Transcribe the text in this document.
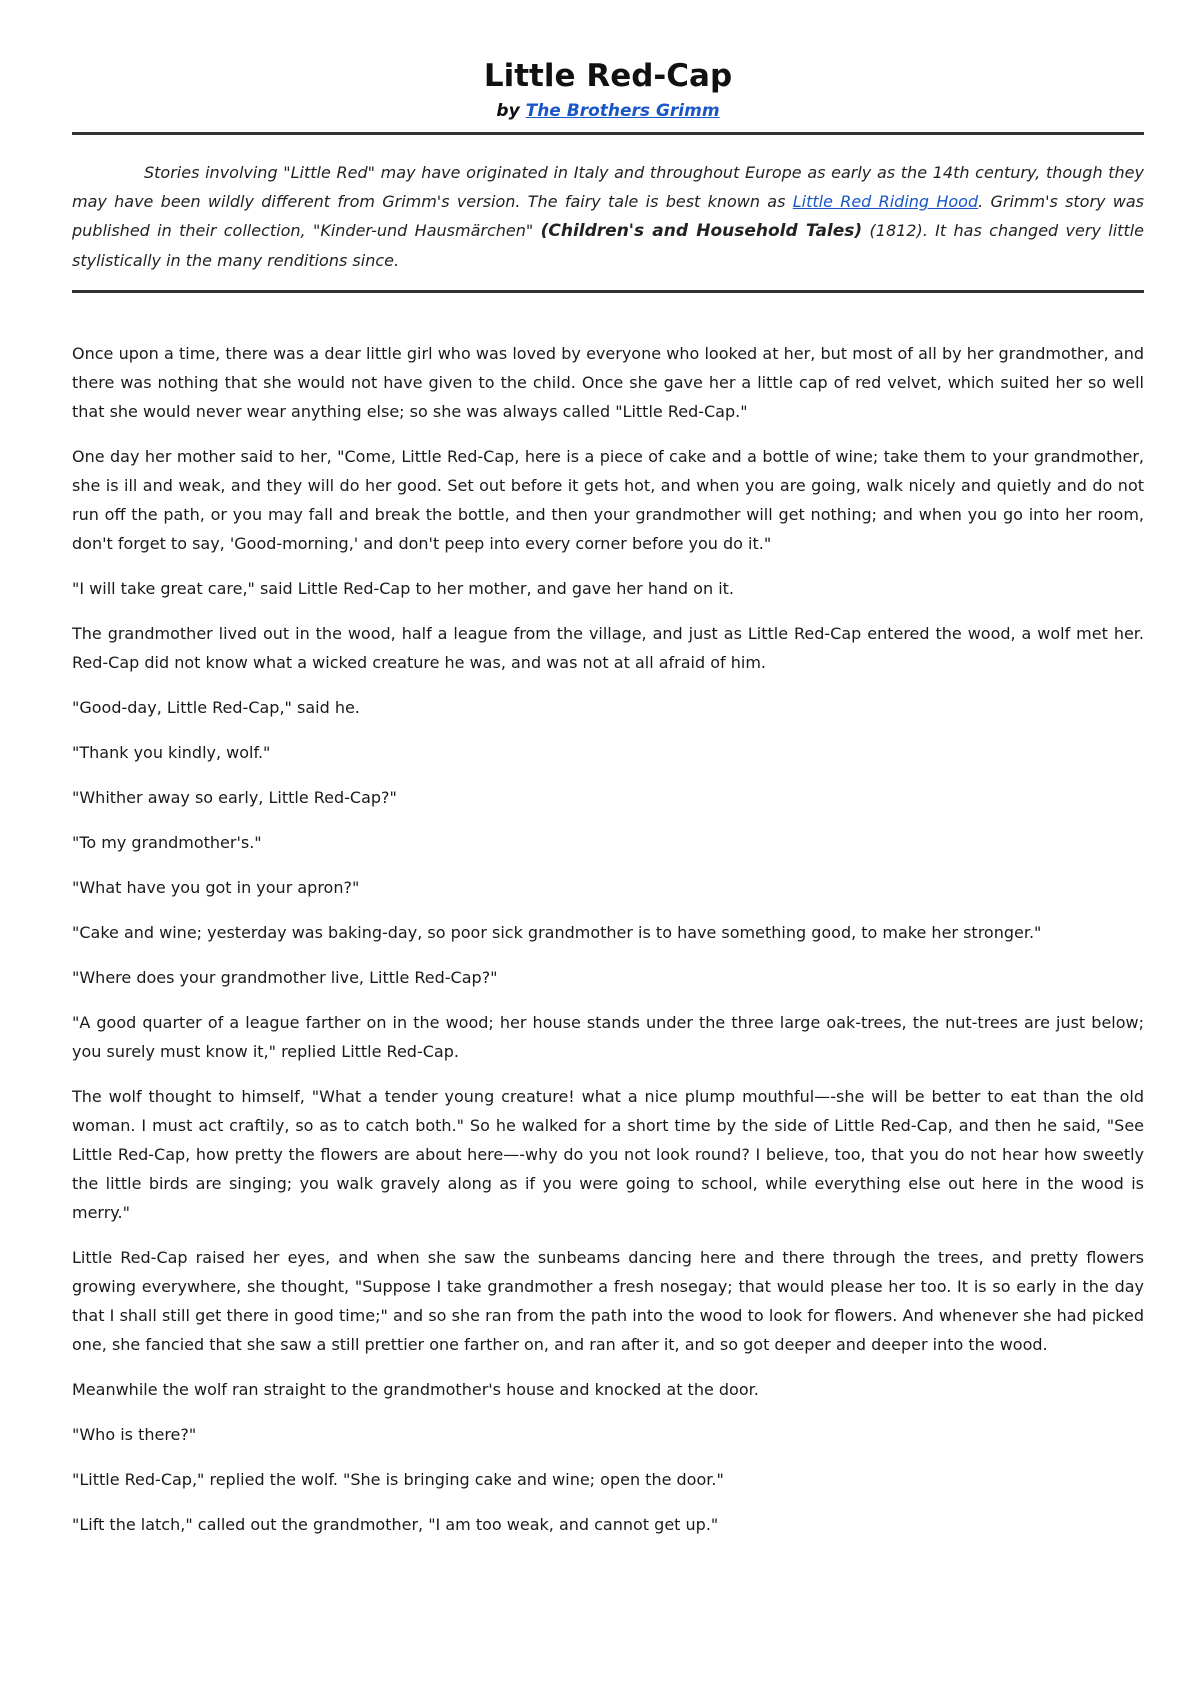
Little Red-Cap
by The Brothers Grimm

Stories involving "Little Red" may have originated in Italy and throughout Europe as early as the 14th century, though they may have been wildly different from Grimm's version. The fairy tale is best known as Little Red Riding Hood. Grimm's story was published in their collection, "Kinder-und Hausmärchen" (Children's and Household Tales) (1812). It has changed very little stylistically in the many renditions since.

Once upon a time, there was a dear little girl who was loved by everyone who looked at her, but most of all by her grandmother, and there was nothing that she would not have given to the child. Once she gave her a little cap of red velvet, which suited her so well that she would never wear anything else; so she was always called "Little Red-Cap."

One day her mother said to her, "Come, Little Red-Cap, here is a piece of cake and a bottle of wine; take them to your grandmother, she is ill and weak, and they will do her good. Set out before it gets hot, and when you are going, walk nicely and quietly and do not run off the path, or you may fall and break the bottle, and then your grandmother will get nothing; and when you go into her room, don't forget to say, 'Good-morning,' and don't peep into every corner before you do it."

"I will take great care," said Little Red-Cap to her mother, and gave her hand on it.

The grandmother lived out in the wood, half a league from the village, and just as Little Red-Cap entered the wood, a wolf met her. Red-Cap did not know what a wicked creature he was, and was not at all afraid of him.

"Good-day, Little Red-Cap," said he.

"Thank you kindly, wolf."

"Whither away so early, Little Red-Cap?"

"To my grandmother's."

"What have you got in your apron?"

"Cake and wine; yesterday was baking-day, so poor sick grandmother is to have something good, to make her stronger."

"Where does your grandmother live, Little Red-Cap?"

"A good quarter of a league farther on in the wood; her house stands under the three large oak-trees, the nut-trees are just below; you surely must know it," replied Little Red-Cap.

The wolf thought to himself, "What a tender young creature! what a nice plump mouthful—-she will be better to eat than the old woman. I must act craftily, so as to catch both." So he walked for a short time by the side of Little Red-Cap, and then he said, "See Little Red-Cap, how pretty the flowers are about here—-why do you not look round? I believe, too, that you do not hear how sweetly the little birds are singing; you walk gravely along as if you were going to school, while everything else out here in the wood is merry."

Little Red-Cap raised her eyes, and when she saw the sunbeams dancing here and there through the trees, and pretty flowers growing everywhere, she thought, "Suppose I take grandmother a fresh nosegay; that would please her too. It is so early in the day that I shall still get there in good time;" and so she ran from the path into the wood to look for flowers. And whenever she had picked one, she fancied that she saw a still prettier one farther on, and ran after it, and so got deeper and deeper into the wood.

Meanwhile the wolf ran straight to the grandmother's house and knocked at the door.

"Who is there?"

"Little Red-Cap," replied the wolf. "She is bringing cake and wine; open the door."

"Lift the latch," called out the grandmother, "I am too weak, and cannot get up."
